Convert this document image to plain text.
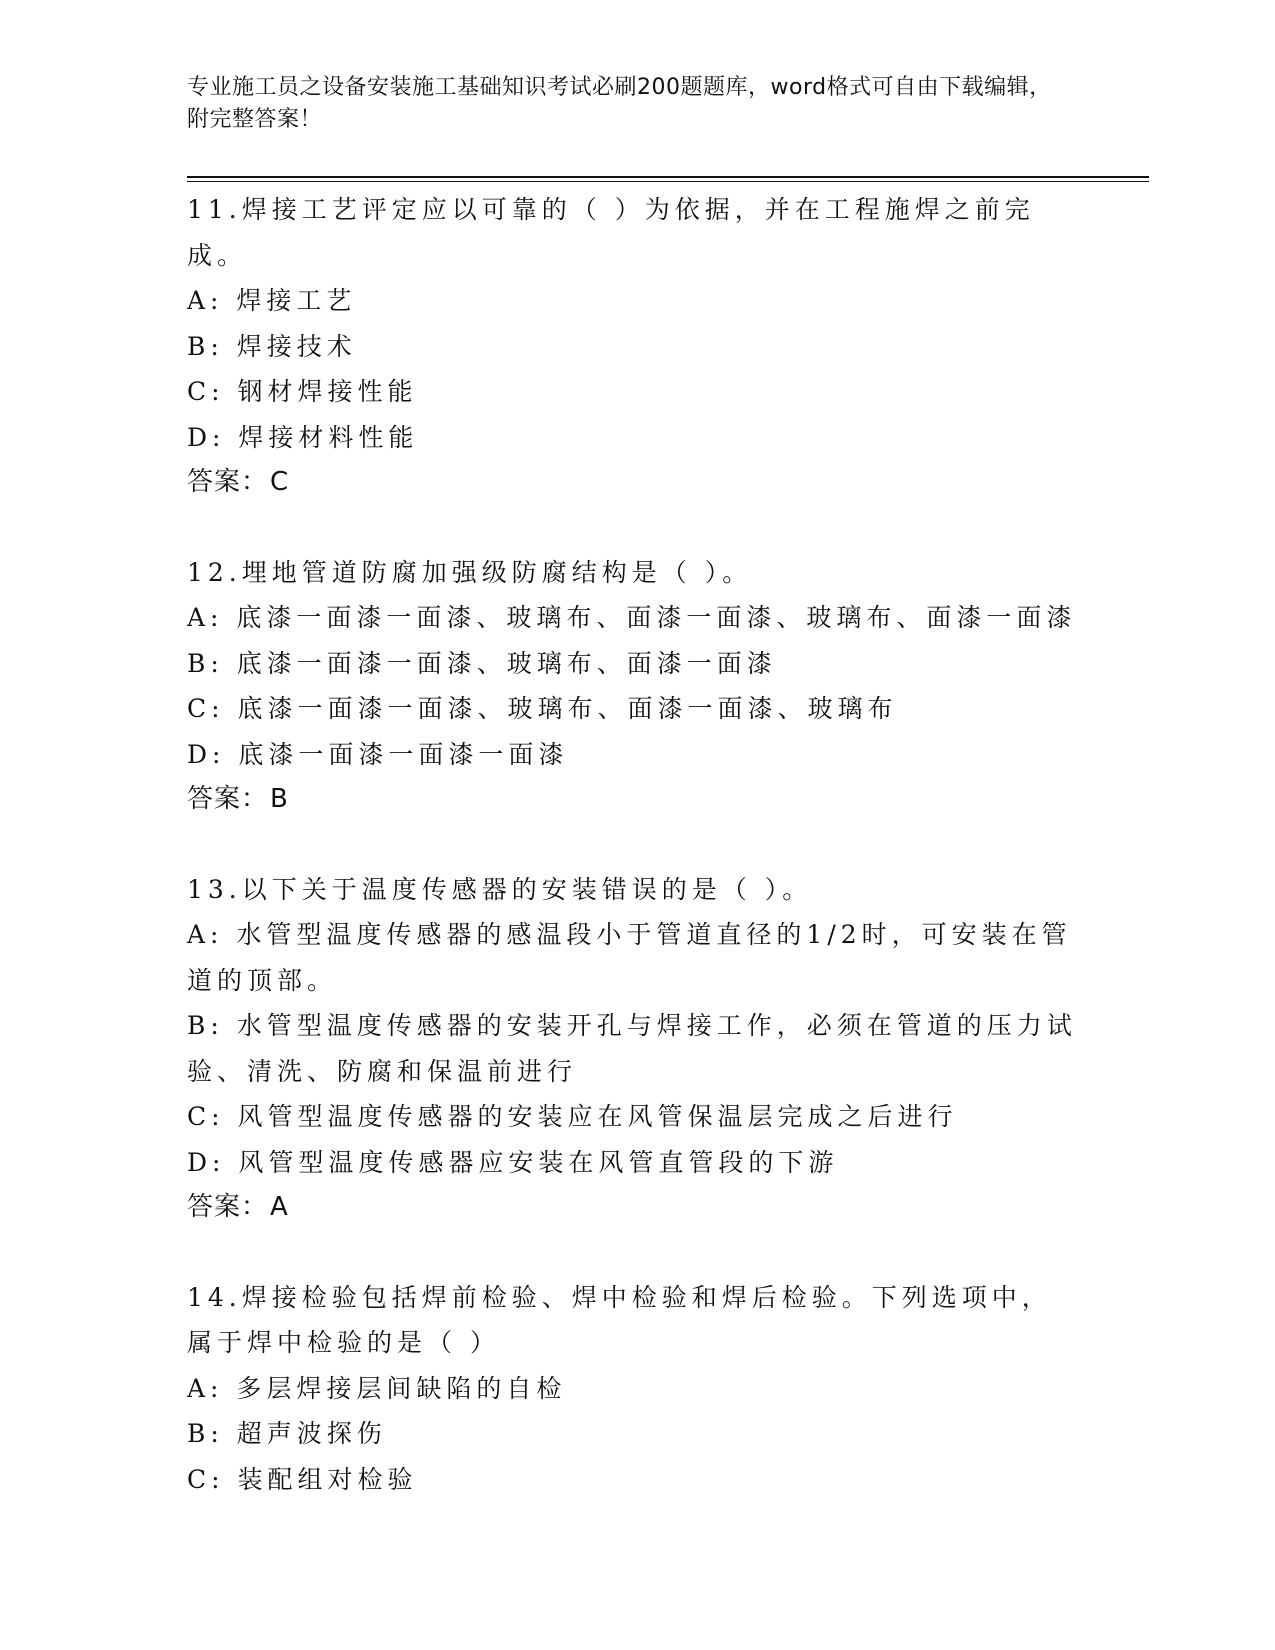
专业施工员之设备安装施工基础知识考试必刷200题题库，word格式可自由下载编辑，附完整答案！
11.焊接工艺评定应以可靠的（ ）为依据，并在工程施焊之前完成。
A: 焊接工艺
B: 焊接技术
C: 钢材焊接性能
D: 焊接材料性能
答案：C
12.埋地管道防腐加强级防腐结构是（ ）。
A: 底漆一面漆一面漆、玻璃布、面漆一面漆、玻璃布、面漆一面漆
B: 底漆一面漆一面漆、玻璃布、面漆一面漆
C: 底漆一面漆一面漆、玻璃布、面漆一面漆、玻璃布
D: 底漆一面漆一面漆一面漆
答案：B
13.以下关于温度传感器的安装错误的是（ ）。
A: 水管型温度传感器的感温段小于管道直径的1/2时，可安装在管道的顶部。
B: 水管型温度传感器的安装开孔与焊接工作，必须在管道的压力试验、清洗、防腐和保温前进行
C: 风管型温度传感器的安装应在风管保温层完成之后进行
D: 风管型温度传感器应安装在风管直管段的下游
答案：A
14.焊接检验包括焊前检验、焊中检验和焊后检验。下列选项中，属于焊中检验的是（ ）
A: 多层焊接层间缺陷的自检
B: 超声波探伤
C: 装配组对检验
